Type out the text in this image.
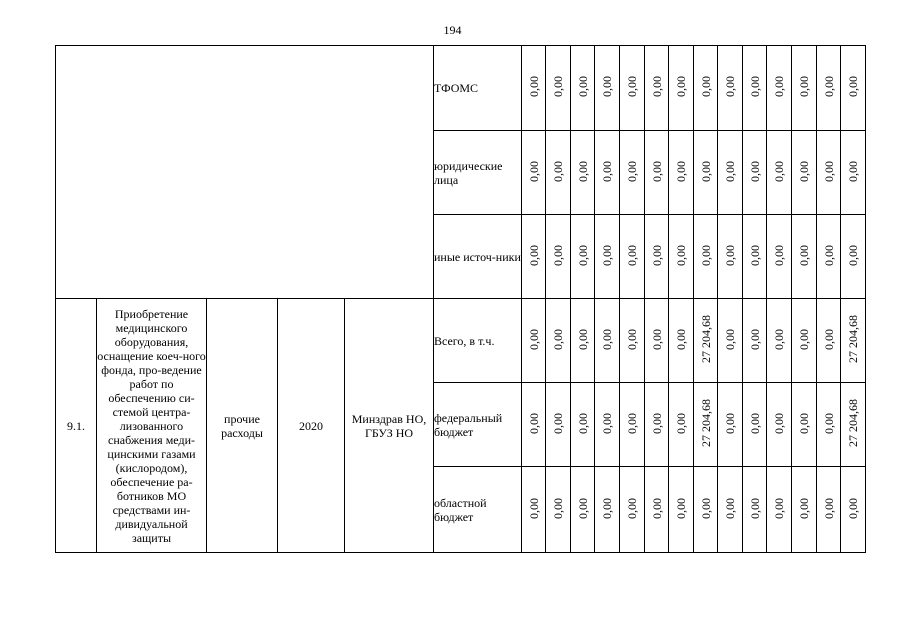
194
					ТФОМС	0,00	0,00	0,00	0,00	0,00	0,00	0,00	0,00	0,00	0,00	0,00	0,00	0,00	0,00
					юридические лица	0,00	0,00	0,00	0,00	0,00	0,00	0,00	0,00	0,00	0,00	0,00	0,00	0,00	0,00
					иные источ-ники	0,00	0,00	0,00	0,00	0,00	0,00	0,00	0,00	0,00	0,00	0,00	0,00	0,00	0,00
9.1.	Приобретение медицинского оборудования, оснащение коеч-ного фонда, про-ведение работ по обеспечению си-стемой центра-лизованного снабжения меди-цинскими газами (кислородом), обеспечение ра-ботников МО средствами ин-дивидуальной защиты	прочие расходы	2020	Минздрав НО, ГБУЗ НО	Всего, в т.ч.	0,00	0,00	0,00	0,00	0,00	0,00	0,00	27 204,68	0,00	0,00	0,00	0,00	0,00	27 204,68
					федеральный бюджет	0,00	0,00	0,00	0,00	0,00	0,00	0,00	27 204,68	0,00	0,00	0,00	0,00	0,00	27 204,68
					областной бюджет	0,00	0,00	0,00	0,00	0,00	0,00	0,00	0,00	0,00	0,00	0,00	0,00	0,00	0,00
